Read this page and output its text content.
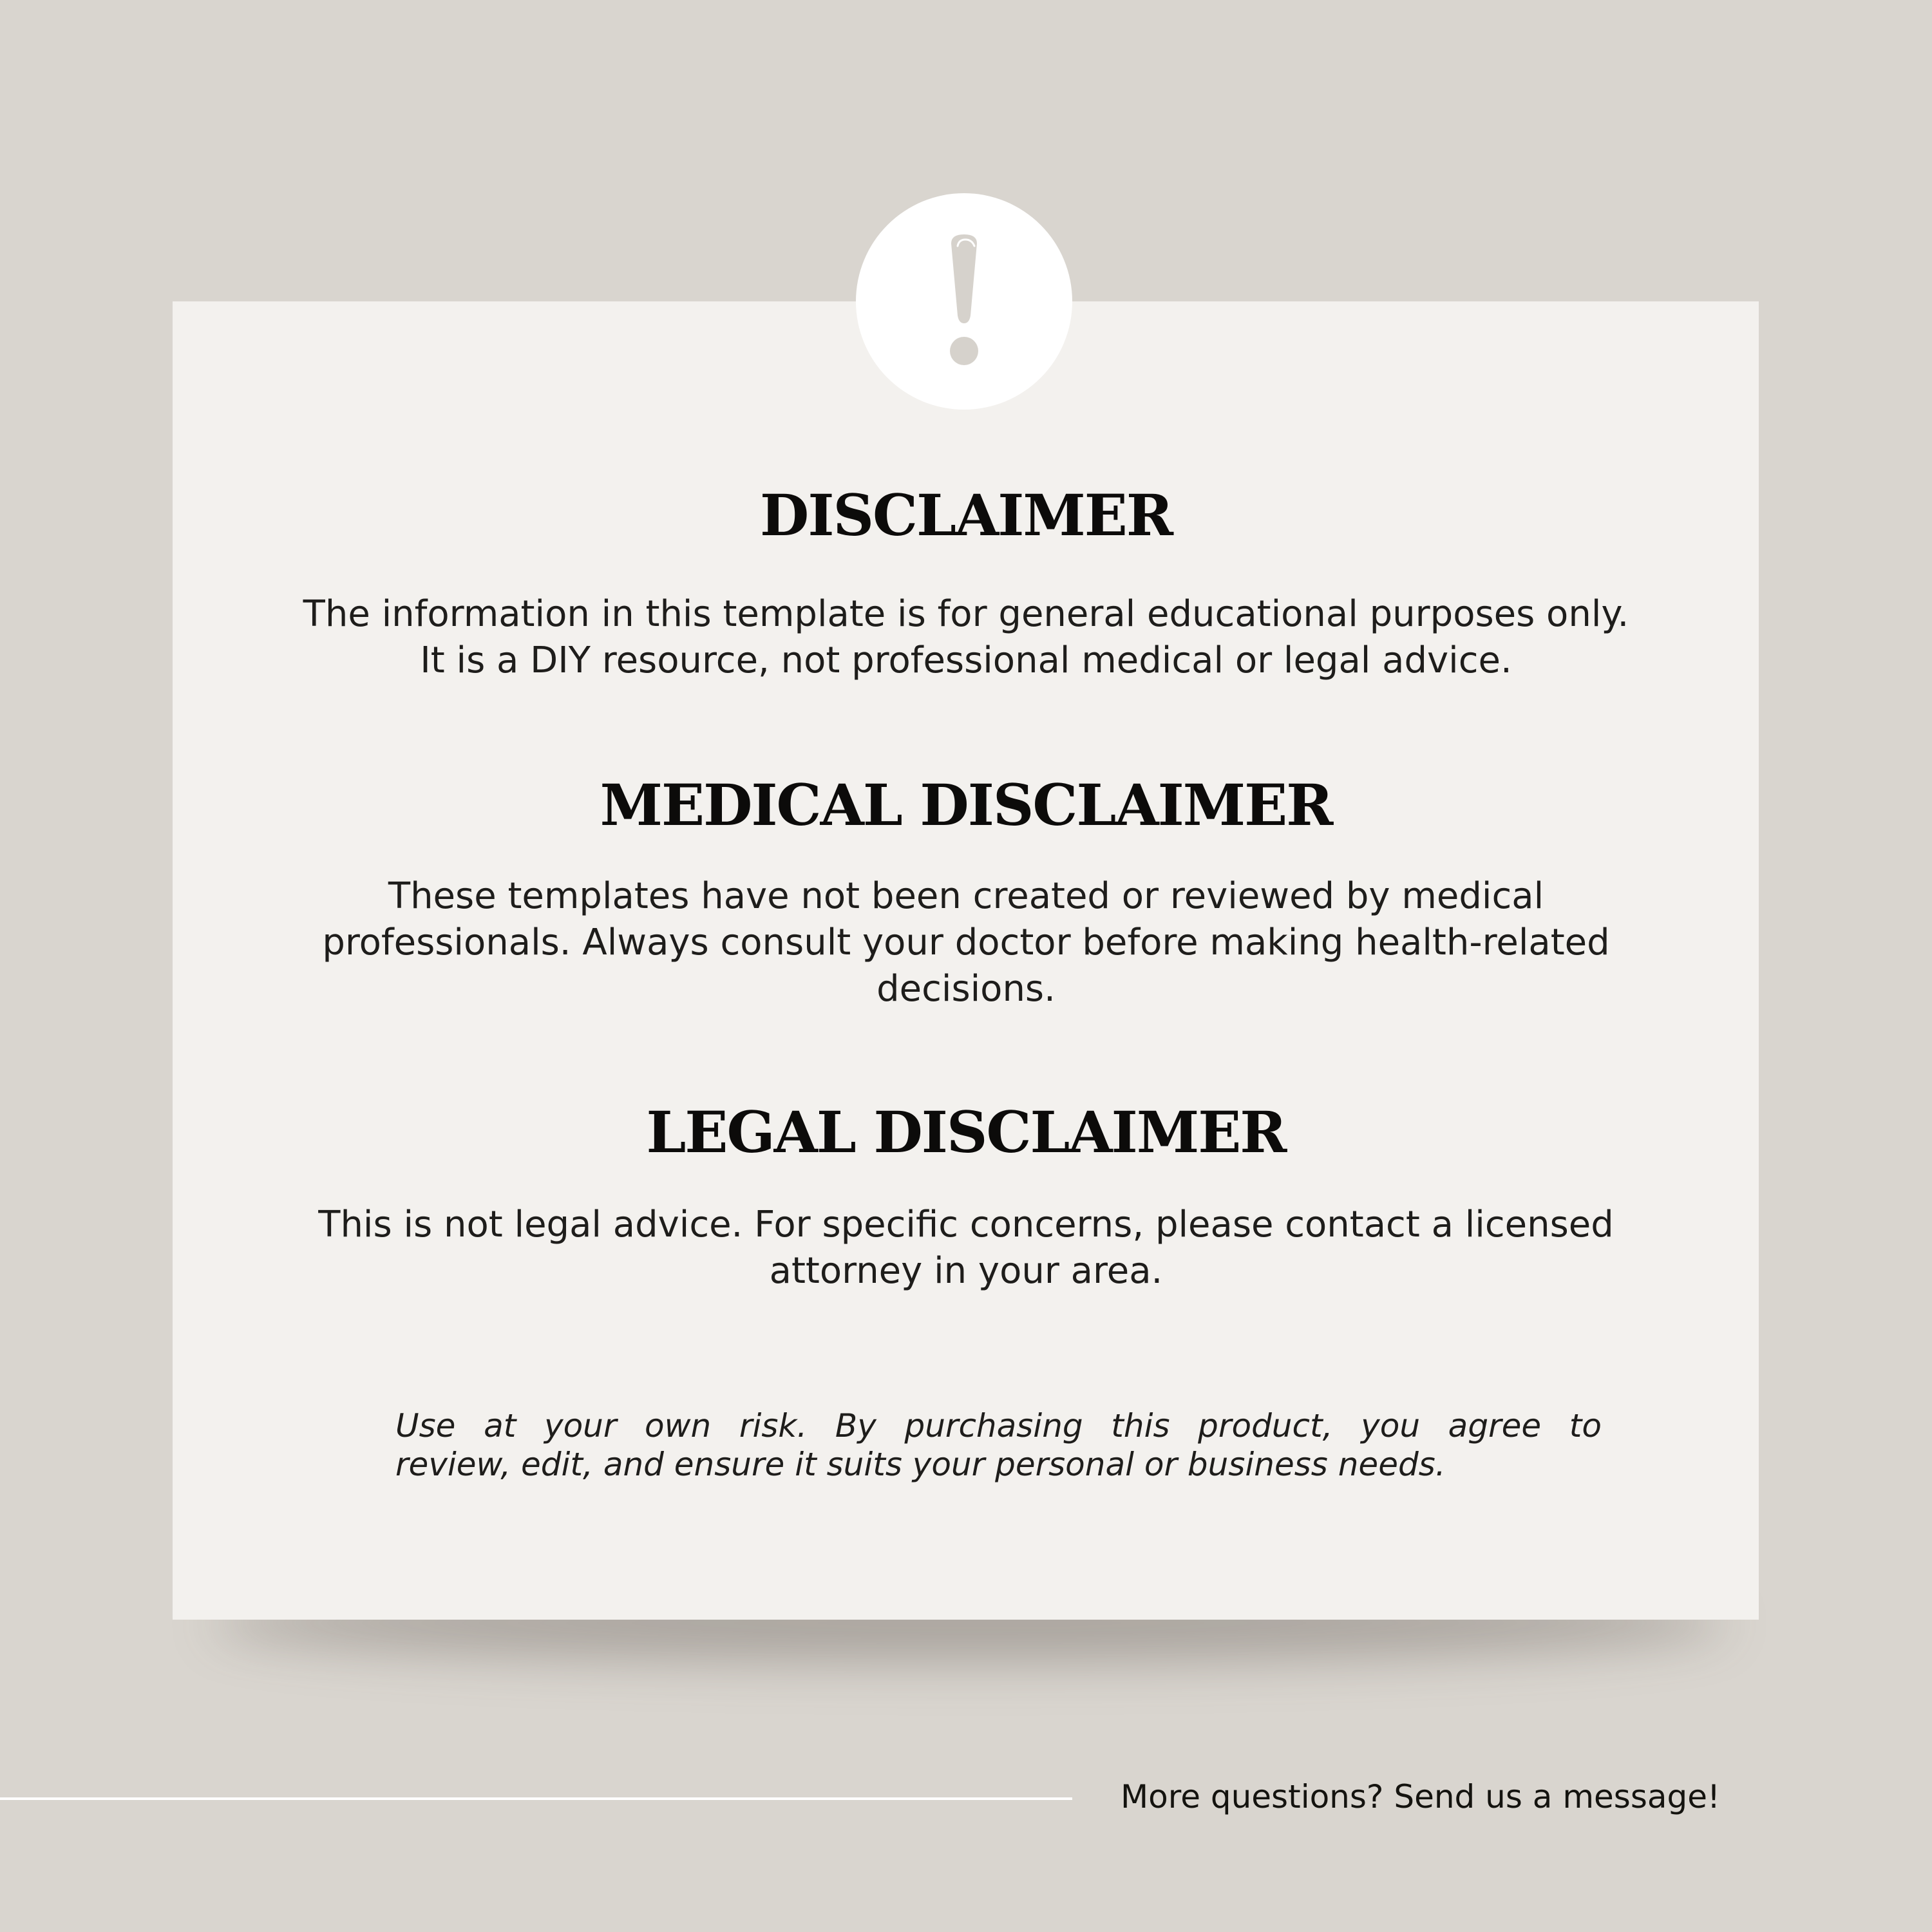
DISCLAIMER
The information in this template is for general educational purposes only.
It is a DIY resource, not professional medical or legal advice.
MEDICAL DISCLAIMER
These templates have not been created or reviewed by medical
professionals. Always consult your doctor before making health-related
decisions.
LEGAL DISCLAIMER
This is not legal advice. For specific concerns, please contact a licensed
attorney in your area.
Use at your own risk. By purchasing this product, you agree to
review, edit, and ensure it suits your personal or business needs.
More questions? Send us a message!
